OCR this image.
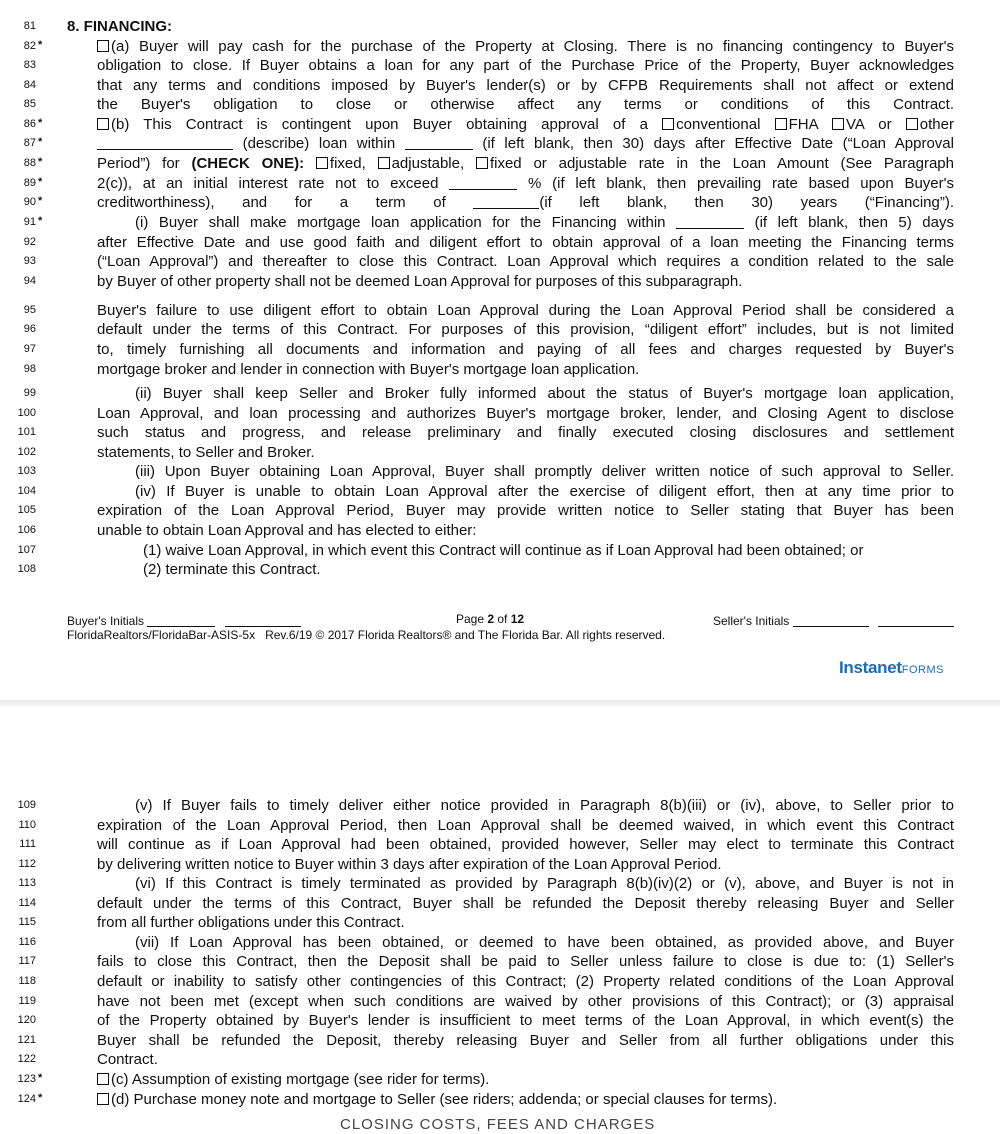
Buyer's Initials	Page 2 of 12	Seller's Initials
FloridaRealtors/FloridaBar-ASIS-5x Rev.6/19 © 2017 Florida Realtors® and The Florida Bar. All rights reserved.
InstanetFORMS
CLOSING COSTS, FEES AND CHARGES
81 8. FINANCING:
82 *	(a) Buyer will pay cash for the purchase of the Property at Closing. There is no financing contingency to Buyer's
83	obligation to close. If Buyer obtains a loan for any part of the Purchase Price of the Property, Buyer acknowledges
84	that any terms and conditions imposed by Buyer's lender(s) or by CFPB Requirements shall not affect or extend
85	the Buyer's obligation to close or otherwise affect any terms or conditions of this Contract.
86 *	(b) This Contract is contingent upon Buyer obtaining approval of a conventional FHA VA or other
87 *	(describe) loan within	(if left blank, then 30) days after Effective Date (“Loan Approval
88 *	Period”) for (CHECK ONE): fixed, adjustable, fixed or adjustable rate in the Loan Amount (See Paragraph
89 *	2(c)), at an initial interest rate not to exceed	% (if left blank, then prevailing rate based upon Buyer's
90 *	creditworthiness), and for a term of	(if left blank, then 30) years (“Financing”).
91 *	(i) Buyer shall make mortgage loan application for the Financing within	(if left blank, then 5) days
92	after Effective Date and use good faith and diligent effort to obtain approval of a loan meeting the Financing terms
93	(“Loan Approval”) and thereafter to close this Contract. Loan Approval which requires a condition related to the sale
94	by Buyer of other property shall not be deemed Loan Approval for purposes of this subparagraph.
95	Buyer's failure to use diligent effort to obtain Loan Approval during the Loan Approval Period shall be considered a
96	default under the terms of this Contract. For purposes of this provision, “diligent effort” includes, but is not limited
97	to, timely furnishing all documents and information and paying of all fees and charges requested by Buyer's
98	mortgage broker and lender in connection with Buyer's mortgage loan application.
99	(ii) Buyer shall keep Seller and Broker fully informed about the status of Buyer's mortgage loan application,
100	Loan Approval, and loan processing and authorizes Buyer's mortgage broker, lender, and Closing Agent to disclose
101	such status and progress, and release preliminary and finally executed closing disclosures and settlement
102	statements, to Seller and Broker.
103	(iii) Upon Buyer obtaining Loan Approval, Buyer shall promptly deliver written notice of such approval to Seller.
104	(iv) If Buyer is unable to obtain Loan Approval after the exercise of diligent effort, then at any time prior to
105	expiration of the Loan Approval Period, Buyer may provide written notice to Seller stating that Buyer has been
106	unable to obtain Loan Approval and has elected to either:
107	(1) waive Loan Approval, in which event this Contract will continue as if Loan Approval had been obtained; or
108	(2) terminate this Contract.
109	(v) If Buyer fails to timely deliver either notice provided in Paragraph 8(b)(iii) or (iv), above, to Seller prior to
110	expiration of the Loan Approval Period, then Loan Approval shall be deemed waived, in which event this Contract
111	will continue as if Loan Approval had been obtained, provided however, Seller may elect to terminate this Contract
112	by delivering written notice to Buyer within 3 days after expiration of the Loan Approval Period.
113	(vi) If this Contract is timely terminated as provided by Paragraph 8(b)(iv)(2) or (v), above, and Buyer is not in
114	default under the terms of this Contract, Buyer shall be refunded the Deposit thereby releasing Buyer and Seller
115	from all further obligations under this Contract.
116	(vii) If Loan Approval has been obtained, or deemed to have been obtained, as provided above, and Buyer
117	fails to close this Contract, then the Deposit shall be paid to Seller unless failure to close is due to: (1) Seller's
118	default or inability to satisfy other contingencies of this Contract; (2) Property related conditions of the Loan Approval
119	have not been met (except when such conditions are waived by other provisions of this Contract); or (3) appraisal
120	of the Property obtained by Buyer's lender is insufficient to meet terms of the Loan Approval, in which event(s) the
121	Buyer shall be refunded the Deposit, thereby releasing Buyer and Seller from all further obligations under this
122	Contract.
123 *	(c) Assumption of existing mortgage (see rider for terms).
124 *	(d) Purchase money note and mortgage to Seller (see riders; addenda; or special clauses for terms).
